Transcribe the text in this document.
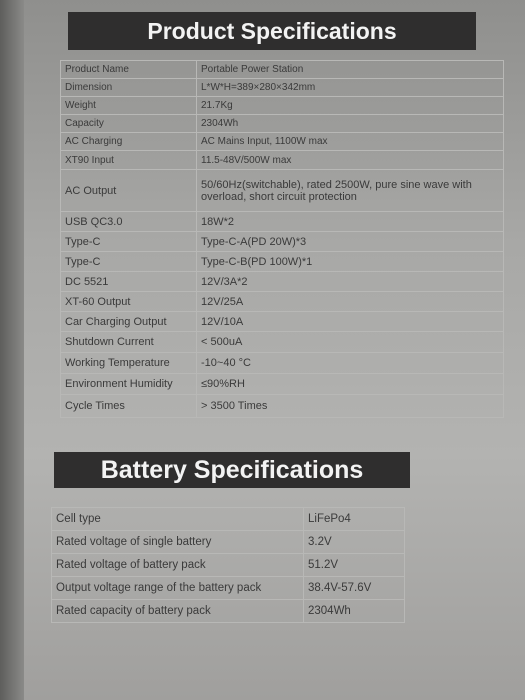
Product Specifications
Product Name	Portable Power Station
Dimension	L*W*H=389×280×342mm
Weight	21.7Kg
Capacity	2304Wh
AC Charging	AC Mains Input, 1100W max
XT90 Input	11.5-48V/500W max
AC Output	50/60Hz(switchable), rated 2500W, pure sine wave with overload, short circuit protection
USB QC3.0	18W*2
Type-C	Type-C-A(PD 20W)*3
Type-C	Type-C-B(PD 100W)*1
DC 5521	12V/3A*2
XT-60 Output	12V/25A
Car Charging Output	12V/10A
Shutdown Current	< 500uA
Working Temperature	-10~40 °C
Environment Humidity	≤90%RH
Cycle Times	> 3500 Times
Battery Specifications
Cell type	LiFePo4
Rated voltage of single battery	3.2V
Rated voltage of battery pack	51.2V
Output voltage range of the battery pack	38.4V-57.6V
Rated capacity of battery pack	2304Wh
